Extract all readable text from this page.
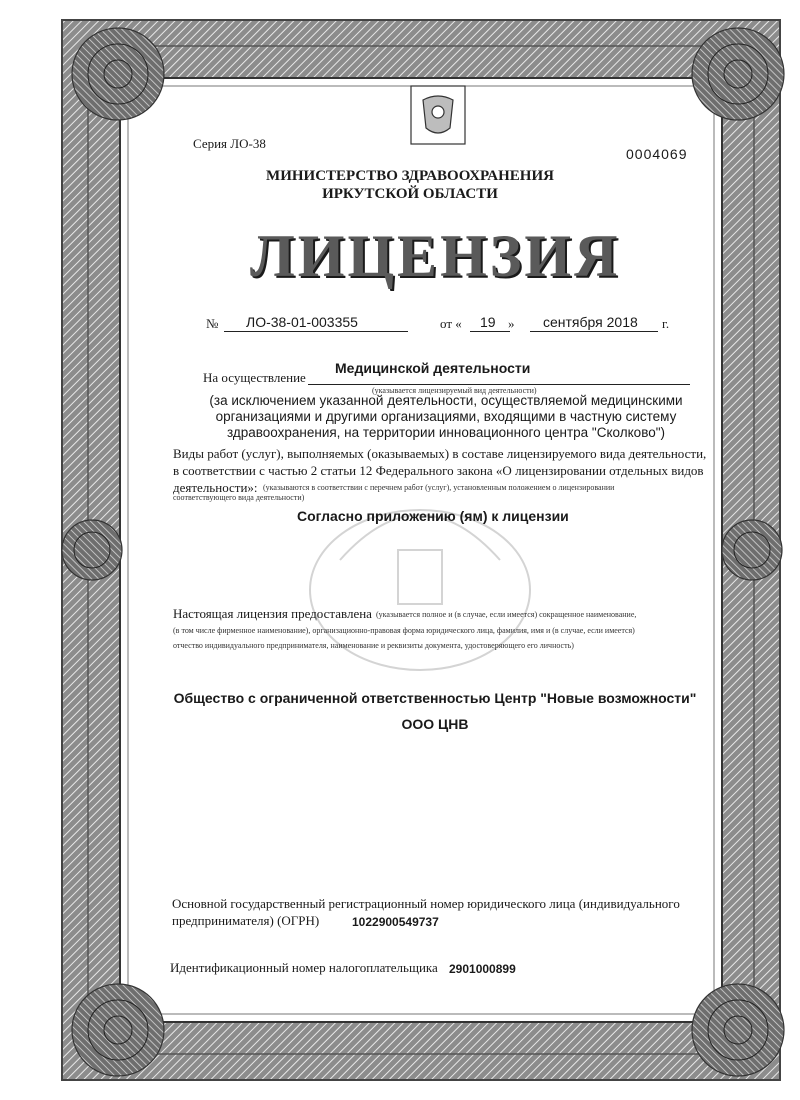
Серия ЛО-38
0004069
МИНИСТЕРСТВО ЗДРАВООХРАНЕНИЯ
ИРКУТСКОЙ ОБЛАСТИ
ЛИЦЕНЗИЯ
№ ЛО-38-01-003355	от « 19 » сентября 2018 г.
Медицинской деятельности
На осуществление
(указывается лицензируемый вид деятельности)
(за исключением указанной деятельности, осуществляемой медицинскими организациями и другими организациями, входящими в частную систему здравоохранения, на территории инновационного центра "Сколково")
Виды работ (услуг), выполняемых (оказываемых) в составе лицензируемого вида деятельности,
в соответствии с частью 2 статьи 12 Федерального закона «О лицензировании отдельных видов
деятельности»: (указываются в соответствии с перечнем работ (услуг), установленным положением о лицензировании
соответствующего вида деятельности)
Согласно приложению (ям) к лицензии
Настоящая лицензия предоставлена (указывается полное и (в случае, если имеется) сокращенное наименование,
(в том числе фирменное наименование), организационно-правовая форма юридического лица, фамилия, имя и (в случае, если имеется)
отчество индивидуального предпринимателя, наименование и реквизиты документа, удостоверяющего его личность)
Общество с ограниченной ответственностью Центр "Новые возможности"
ООО ЦНВ
Основной государственный регистрационный номер юридического лица (индивидуального
предпринимателя) (ОГРН)	1022900549737
Идентификационный номер налогоплательщика 2901000899
